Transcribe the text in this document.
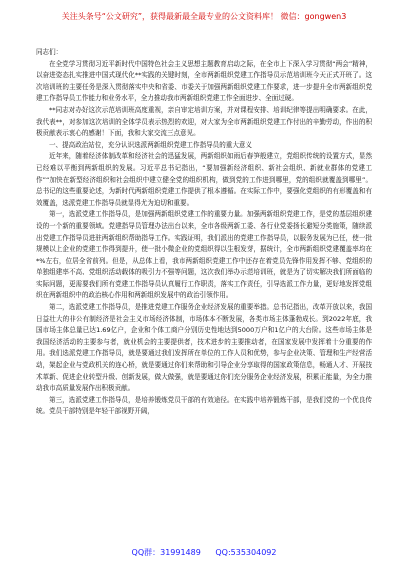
关注头条号“公文研究”，获得最新最全最专业的公文资料库！ 微信：gongwen3

同志们：

在全党学习贯彻习近平新时代中国特色社会主义思想主题教育启动之际，在全市上下深入学习贯彻“两会”精神，以奋进姿态扎实推进中国式现代化**实践的关键时刻，全市两新组织党建工作指导员示范培训班今天正式开班了。这次培训班的主要任务是深入贯彻落实中央和省委、市委关于加强两新组织党建工作要求，进一步提升全市两新组织党建工作指导员工作能力和业务水平，全力推动我市两新组织党建工作全面进步、全面过硬。

**同志对办好这次示范培训班高度重视，亲自审定培训方案，并对课程安排、培训纪律等提出明确要求。在此，我代表**，对参加这次培训的全体学员表示热烈的欢迎，对大家为全市两新组织党建工作付出的辛勤劳动，作出的积极贡献表示衷心的感谢！下面，我和大家交流三点意见。

一、提高政治站位，充分认识选派两新组织党建工作指导员的重大意义

近年来，随着经济体制改革和经济社会的迅猛发展，两新组织如雨后春笋般建立，党组织传统的设置方式，显然已经难以平衡到两新组织的发展。习近平总书记指出，“要加强新经济组织、新社会组织、新就业群体的党建工作”“加快在新型经济组织和社会组织中建立健全党的组织机构，做到党的工作进到哪里，党的组织就覆盖到哪里”。总书记的这些重要论述，为新时代两新组织党建工作提供了根本遵循。在实际工作中，要强化党组织的有形覆盖和有效覆盖，选派党建工作指导员就显得尤为迫切和重要。

第一，选派党建工作指导员，是加强两新组织党建工作的重要力量。加强两新组织党建工作，是党的基层组织建设的一个新的重要领域。党建指导员管理办法出台以来，全市各级两新工委、各行业党委扬长避短分类施策，随续派出党建工作指导员进驻两新组织帮助指导工作。实践证明，我们派出的党建工作指导员，以服务发展为已任，使一批规模以上企业的党建工作得到提升，使一批小微企业的党组织得以生根发芽，据统计，全市两新组织党建覆盖率均在*%左右，位居全省前列。但是，从总体上看，我市两新组织党建工作中还存在着党员先锋作用发挥不够、党组织的单独组建率不高、党组织活动载体的吸引力不强等问题，这次我们举办示范培训班，就是为了切实解决我们所面临的实际问题，更需要我们所有党建工作指导员认真履行工作职责，落实工作责任，引导选派工作力量，更好地发挥党组织在两新组织中的政治核心作用和两新组织发展中的政治引领作用。

第二，选派党建工作指导员，是推进党建工作服务企业经济发展的重要举措。总书记指出，改革开放以来，我国日益壮大的非公有制经济是社会主义市场经济体制，市场体本不断发展，各类市场主体蓬勃成长。到2022年底，我国市场主体总量已达1.69亿户，企业和个体工商户分别历史性地达到5000万户和1亿户的大台阶。这些市场主体是我国经济活动的主要参与者，就业机会的主要提供者，技术进步的主要推动者，在国家发展中发挥着十分重要的作用。我们选派党建工作指导员，就是要通过我们发挥所在单位的工作人员和优势，参与企业决策、管理和生产经营活动，架起企业与党政机关的连心桥，就是要通过你们来帮助和引导企业分享取得的国家政策信息，畅通人才、开展技术革新、促进企业转型升级、创新发展，做大做强，就是要通过你们充分服务企业经济发展，积累正能量，为全力推动我市高质量发展作出积极贡献。

第三，选派党建工作指导员，是培养锻炼党员干部的有效途径。在实践中培养锻炼干部，是我们党的一个优良传统。党员干部特别是年轻干部视野开阔，

QQ群：31991489 QQ:535304092
